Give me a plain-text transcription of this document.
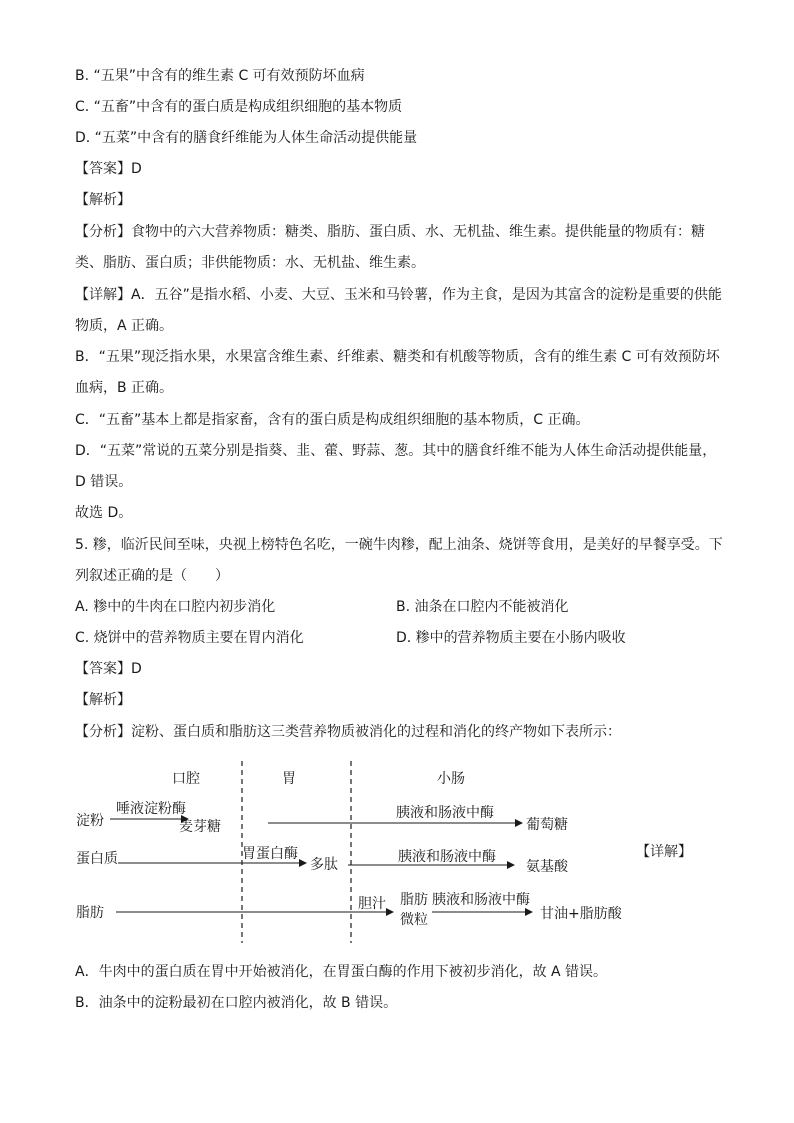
B. “五果”中含有的维生素 C 可有效预防坏血病
C. “五畜”中含有的蛋白质是构成组织细胞的基本物质
D. “五菜”中含有的膳食纤维能为人体生命活动提供能量
【答案】D
【解析】
【分析】食物中的六大营养物质：糖类、脂肪、蛋白质、水、无机盐、维生素。提供能量的物质有：糖
类、脂肪、蛋白质；非供能物质：水、无机盐、维生素。
【详解】A．五谷”是指水稻、小麦、大豆、玉米和马铃薯，作为主食，是因为其富含的淀粉是重要的供能
物质，A 正确。
B．“五果”现泛指水果，水果富含维生素、纤维素、糖类和有机酸等物质，含有的维生素 C 可有效预防坏
血病，B 正确。
C．“五畜”基本上都是指家畜，含有的蛋白质是构成组织细胞的基本物质，C 正确。
D．“五菜”常说的五菜分别是指葵、韭、藿、野蒜、葱。其中的膳食纤维不能为人体生命活动提供能量，
D 错误。
故选 D。
5. 糁，临沂民间至味，央视上榜特色名吃，一碗牛肉糁，配上油条、烧饼等食用，是美好的早餐享受。下
列叙述正确的是（　　）
A. 糁中的牛肉在口腔内初步消化	B. 油条在口腔内不能被消化
C. 烧饼中的营养物质主要在胃内消化	D. 糁中的营养物质主要在小肠内吸收
【答案】D
【解析】
【分析】淀粉、蛋白质和脂肪这三类营养物质被消化的过程和消化的终产物如下表所示：
口腔	胃	小肠
淀粉
唾液淀粉酶
麦芽糖
胰液和肠液中酶
葡萄糖
蛋白质	胃蛋白酶
多肽	胰液和肠液中酶
氨基酸
【详解】
脂肪
胆汁 脂肪
微粒
胰液和肠液中酶
甘油+脂肪酸
A．牛肉中的蛋白质在胃中开始被消化，在胃蛋白酶的作用下被初步消化，故 A 错误。
B．油条中的淀粉最初在口腔内被消化，故 B 错误。
